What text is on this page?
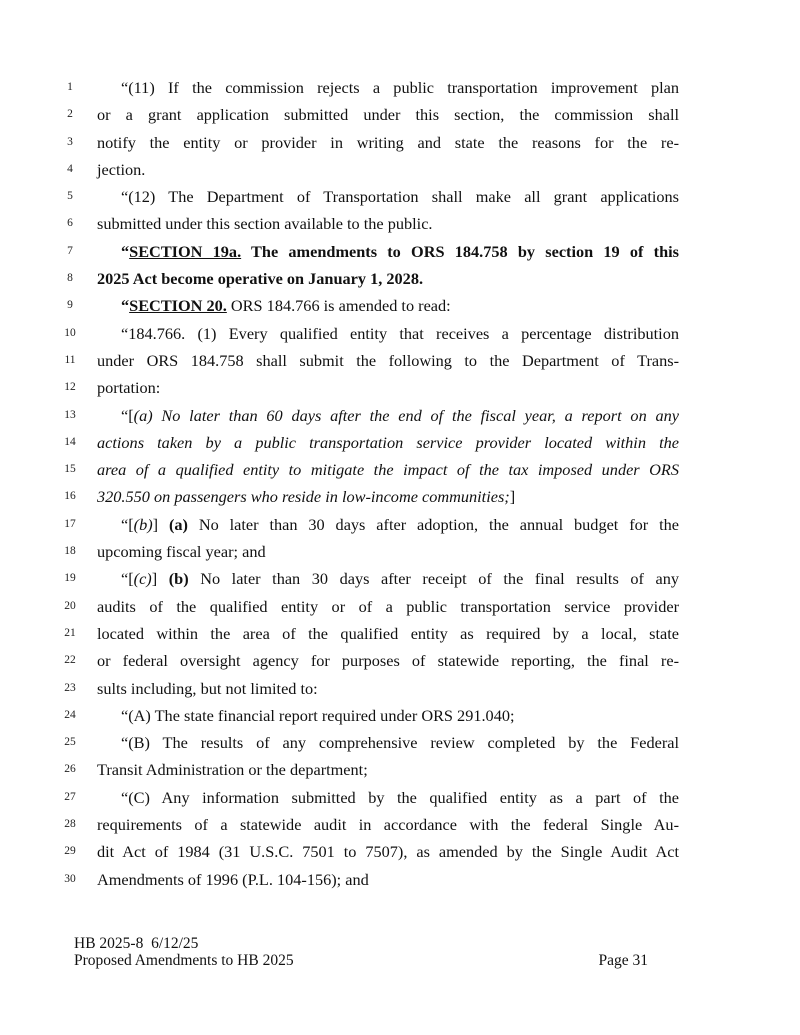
1	“(11) If the commission rejects a public transportation improvement plan
2	or a grant application submitted under this section, the commission shall
3	notify the entity or provider in writing and state the reasons for the re-
4	jection.
5	“(12) The Department of Transportation shall make all grant applications
6	submitted under this section available to the public.
7	“SECTION 19a. The amendments to ORS 184.758 by section 19 of this
8	2025 Act become operative on January 1, 2028.
9	“SECTION 20. ORS 184.766 is amended to read:
10	“184.766. (1) Every qualified entity that receives a percentage distribution
11	under ORS 184.758 shall submit the following to the Department of Trans-
12	portation:
13	“[(a) No later than 60 days after the end of the fiscal year, a report on any
14	actions taken by a public transportation service provider located within the
15	area of a qualified entity to mitigate the impact of the tax imposed under ORS
16	320.550 on passengers who reside in low-income communities;]
17	“[(b)] (a) No later than 30 days after adoption, the annual budget for the
18	upcoming fiscal year; and
19	“[(c)] (b) No later than 30 days after receipt of the final results of any
20	audits of the qualified entity or of a public transportation service provider
21	located within the area of the qualified entity as required by a local, state
22	or federal oversight agency for purposes of statewide reporting, the final re-
23	sults including, but not limited to:
24	“(A) The state financial report required under ORS 291.040;
25	“(B) The results of any comprehensive review completed by the Federal
26	Transit Administration or the department;
27	“(C) Any information submitted by the qualified entity as a part of the
28	requirements of a statewide audit in accordance with the federal Single Au-
29	dit Act of 1984 (31 U.S.C. 7501 to 7507), as amended by the Single Audit Act
30	Amendments of 1996 (P.L. 104-156); and
HB 2025-8  6/12/25
Proposed Amendments to HB 2025	Page 31
